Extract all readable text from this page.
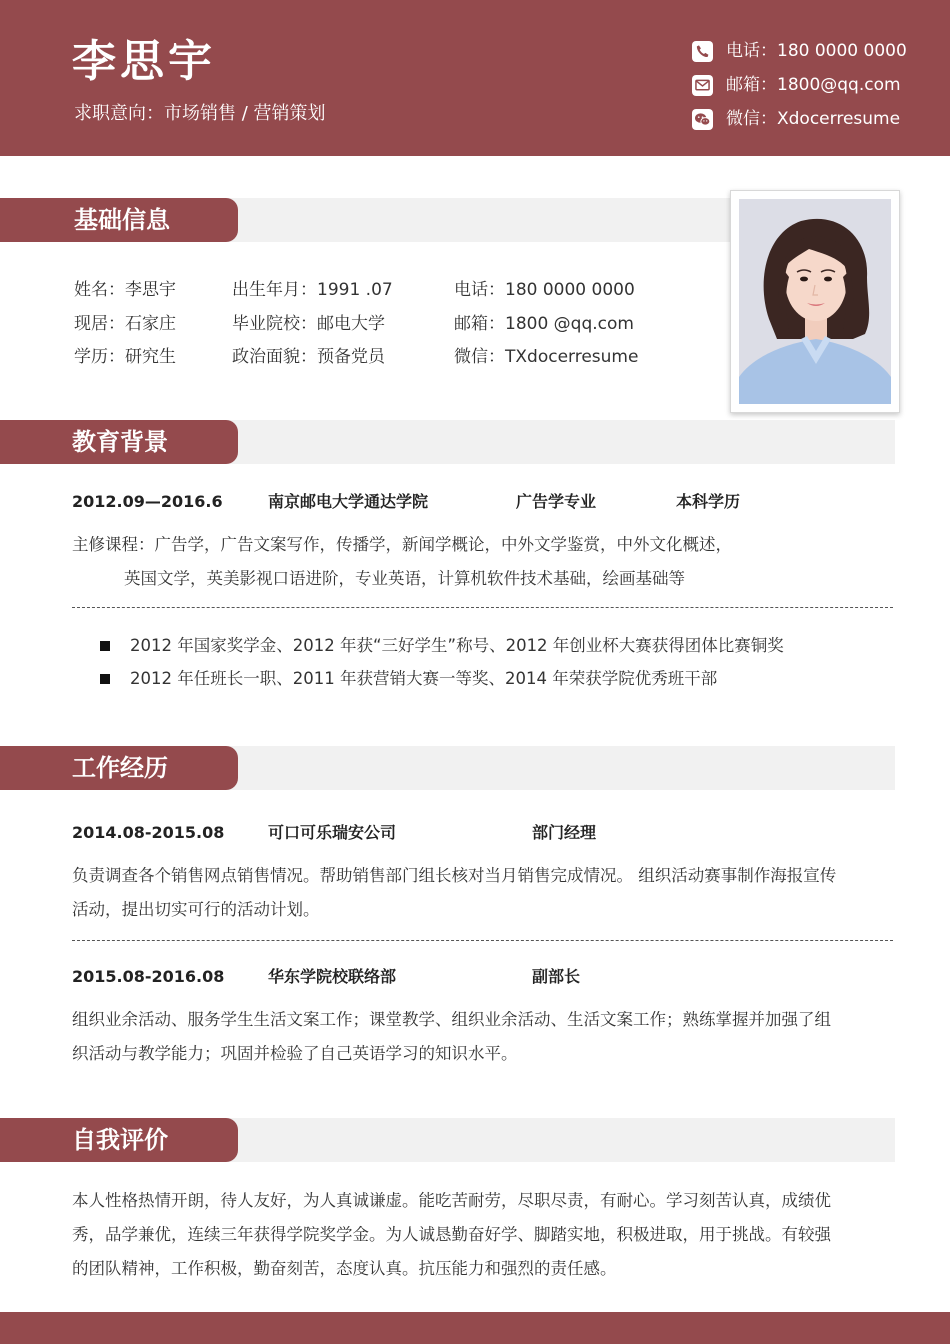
李思宇
求职意向：市场销售 / 营销策划
电话：180 0000 0000
邮箱：1800@qq.com
微信：Xdocerresume
基础信息
姓名：李思宇	出生年月：1991 .07	电话：180 0000 0000
现居：石家庄	毕业院校：邮电大学	邮箱：1800 @qq.com
学历：研究生	政治面貌：预备党员	微信：TXdocerresume
教育背景
2012.09—2016.6	南京邮电大学通达学院	广告学专业	本科学历
主修课程：广告学，广告文案写作，传播学，新闻学概论，中外文学鉴赏，中外文化概述，
英国文学，英美影视口语进阶，专业英语，计算机软件技术基础，绘画基础等
2012 年国家奖学金、2012 年获“三好学生”称号、2012 年创业杯大赛获得团体比赛铜奖
2012 年任班长一职、2011 年获营销大赛一等奖、2014 年荣获学院优秀班干部
工作经历
2014.08-2015.08	可口可乐瑞安公司	部门经理
负责调查各个销售网点销售情况。帮助销售部门组长核对当月销售完成情况。 组织活动赛事制作海报宣传
活动，提出切实可行的活动计划。
2015.08-2016.08	华东学院校联络部	副部长
组织业余活动、服务学生生活文案工作；课堂教学、组织业余活动、生活文案工作；熟练掌握并加强了组
织活动与教学能力；巩固并检验了自己英语学习的知识水平。
自我评价
本人性格热情开朗，待人友好，为人真诚谦虚。能吃苦耐劳，尽职尽责，有耐心。学习刻苦认真，成绩优
秀，品学兼优，连续三年获得学院奖学金。为人诚恳勤奋好学、脚踏实地，积极进取，用于挑战。有较强
的团队精神，工作积极，勤奋刻苦，态度认真。抗压能力和强烈的责任感。
